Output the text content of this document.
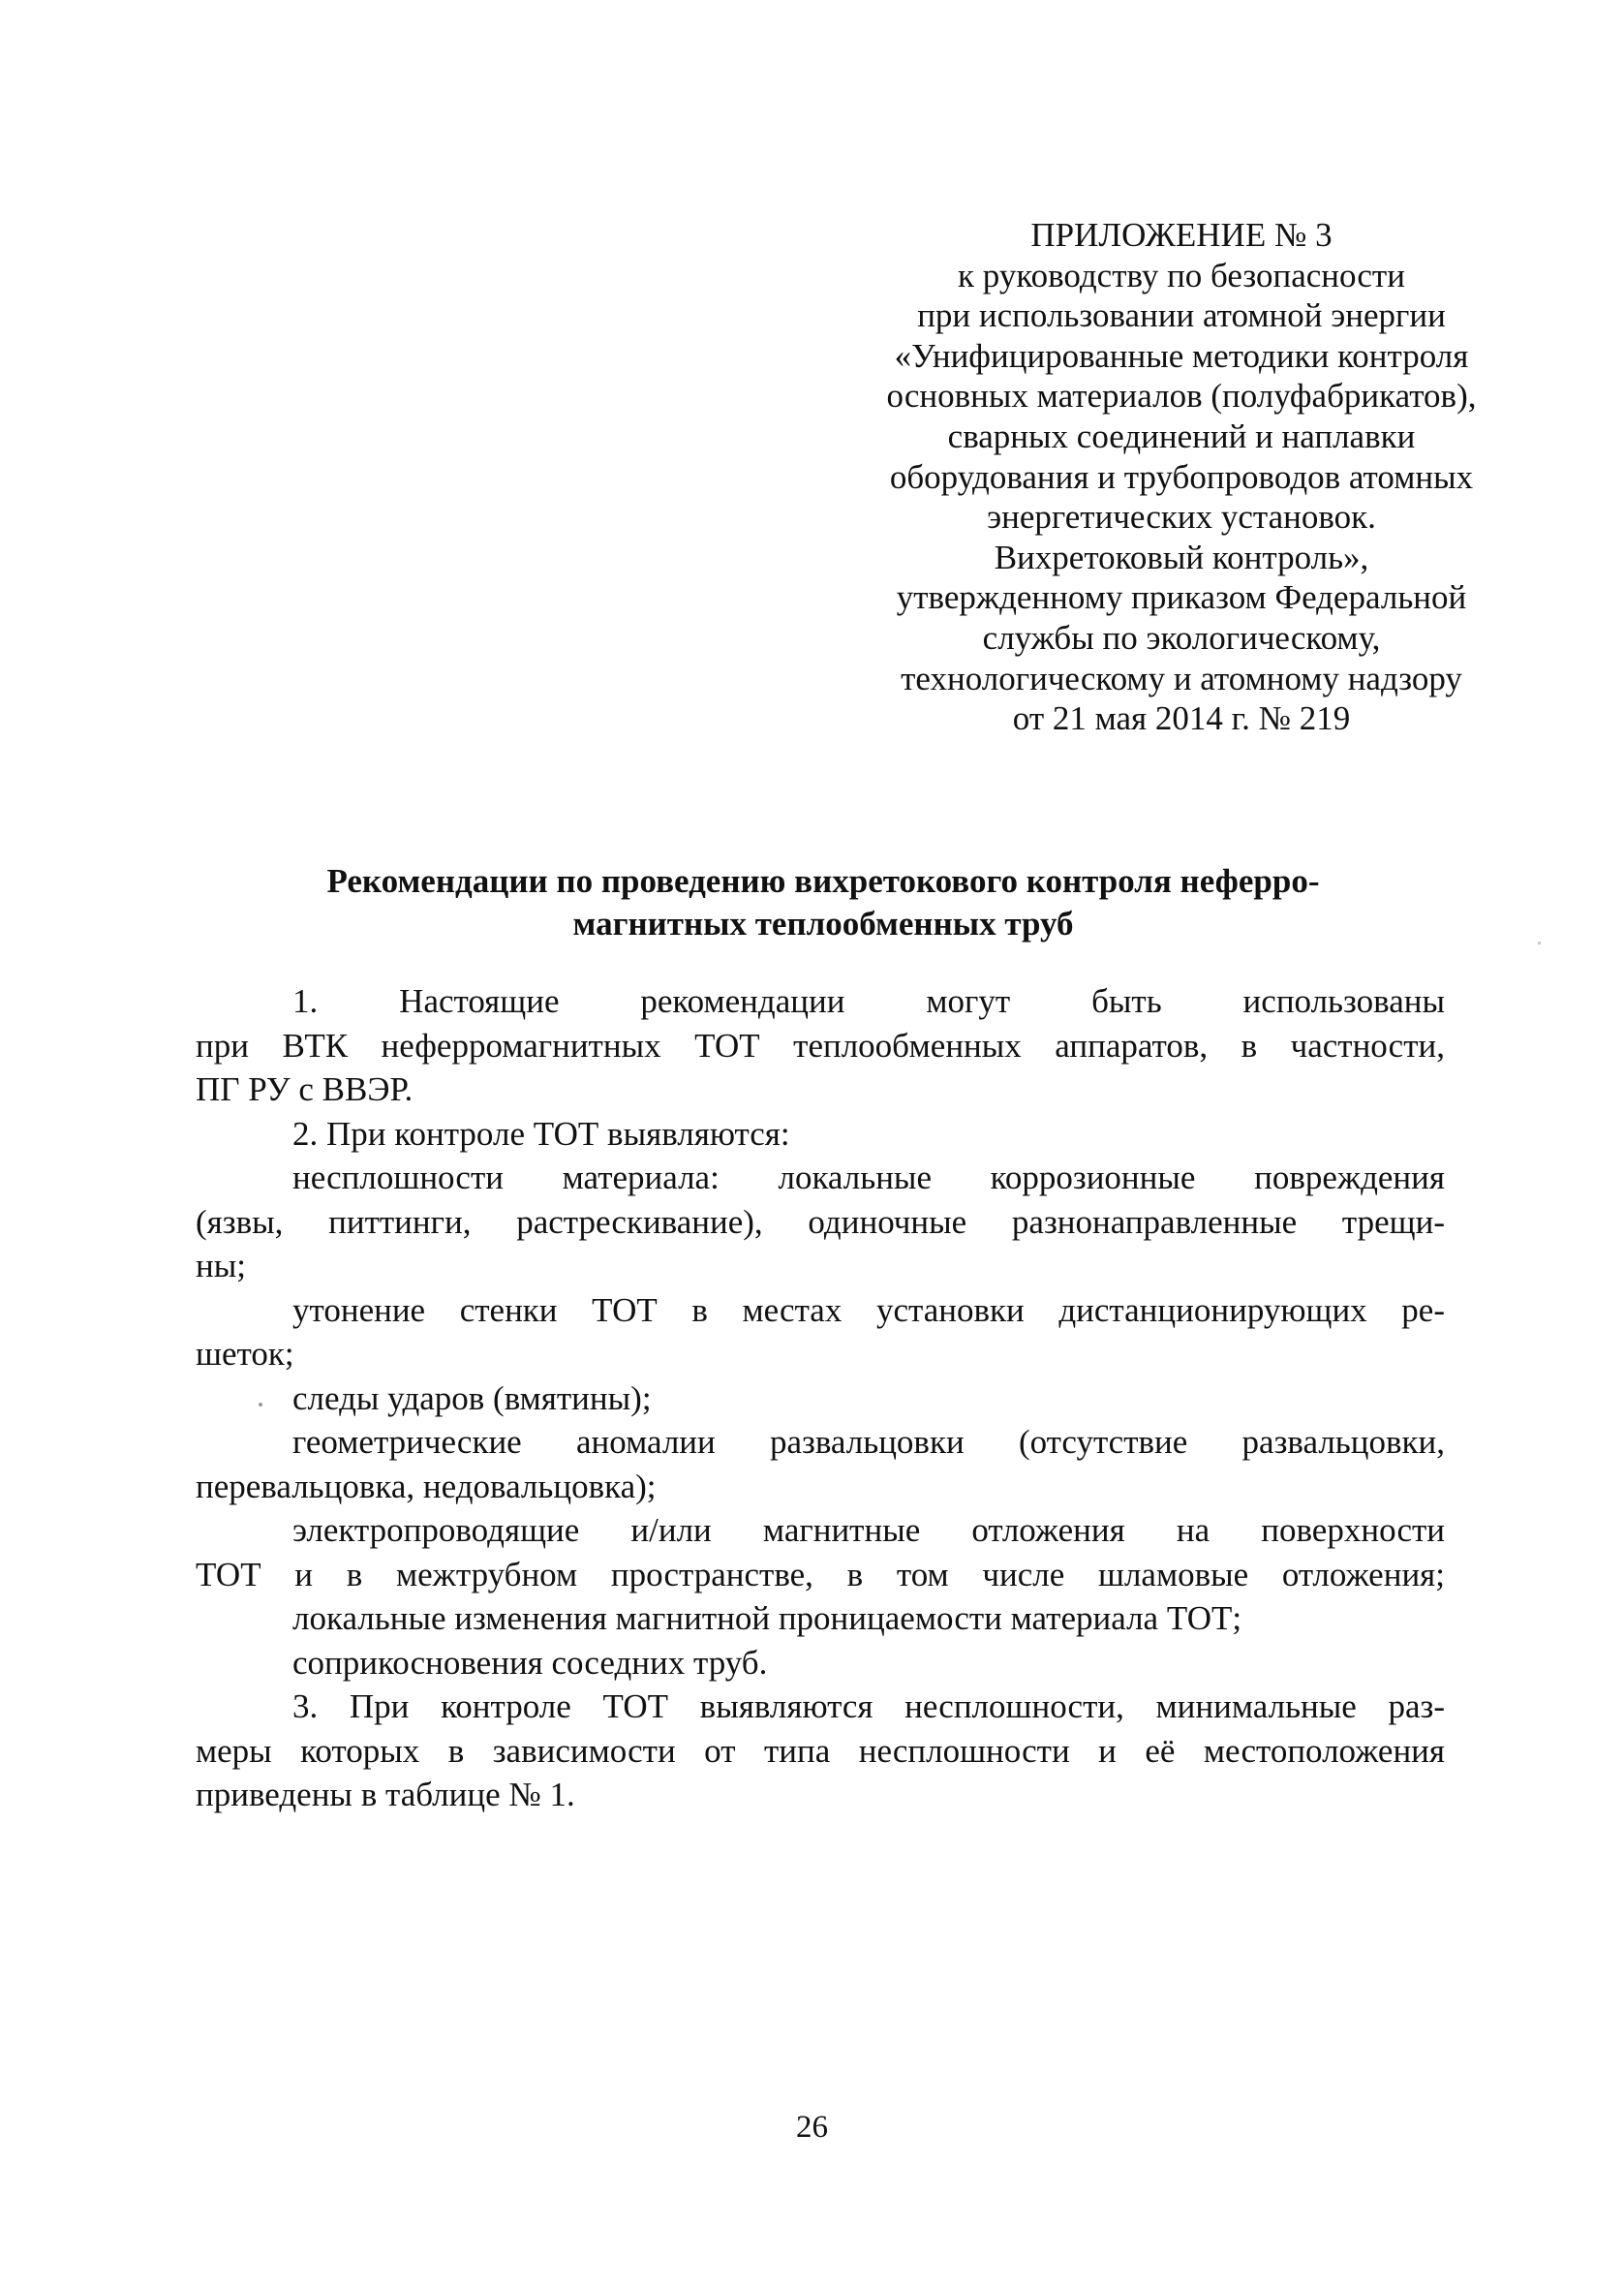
ПРИЛОЖЕНИЕ № 3
к руководству по безопасности
при использовании атомной энергии
«Унифицированные методики контроля
основных материалов (полуфабрикатов),
сварных соединений и наплавки
оборудования и трубопроводов атомных
энергетических установок.
Вихретоковый контроль»,
утвержденному приказом Федеральной
службы по экологическому,
технологическому и атомному надзору
от 21 мая 2014 г. № 219
Рекомендации по проведению вихретокового контроля неферро-
магнитных теплообменных труб
1. Настоящие рекомендации могут быть использованы
при ВТК неферромагнитных ТОТ теплообменных аппаратов, в частности,
ПГ РУ с ВВЭР.
2. При контроле ТОТ выявляются:
несплошности материала: локальные коррозионные повреждения
(язвы, питтинги, растрескивание), одиночные разнонаправленные трещи-
ны;
утонение стенки ТОТ в местах установки дистанционирующих ре-
шеток;
следы ударов (вмятины);
геометрические аномалии развальцовки (отсутствие развальцовки,
перевальцовка, недовальцовка);
электропроводящие и/или магнитные отложения на поверхности
ТОТ и в межтрубном пространстве, в том числе шламовые отложения;
локальные изменения магнитной проницаемости материала ТОТ;
соприкосновения соседних труб.
3. При контроле ТОТ выявляются несплошности, минимальные раз-
меры которых в зависимости от типа несплошности и её местоположения
приведены в таблице № 1.
26
